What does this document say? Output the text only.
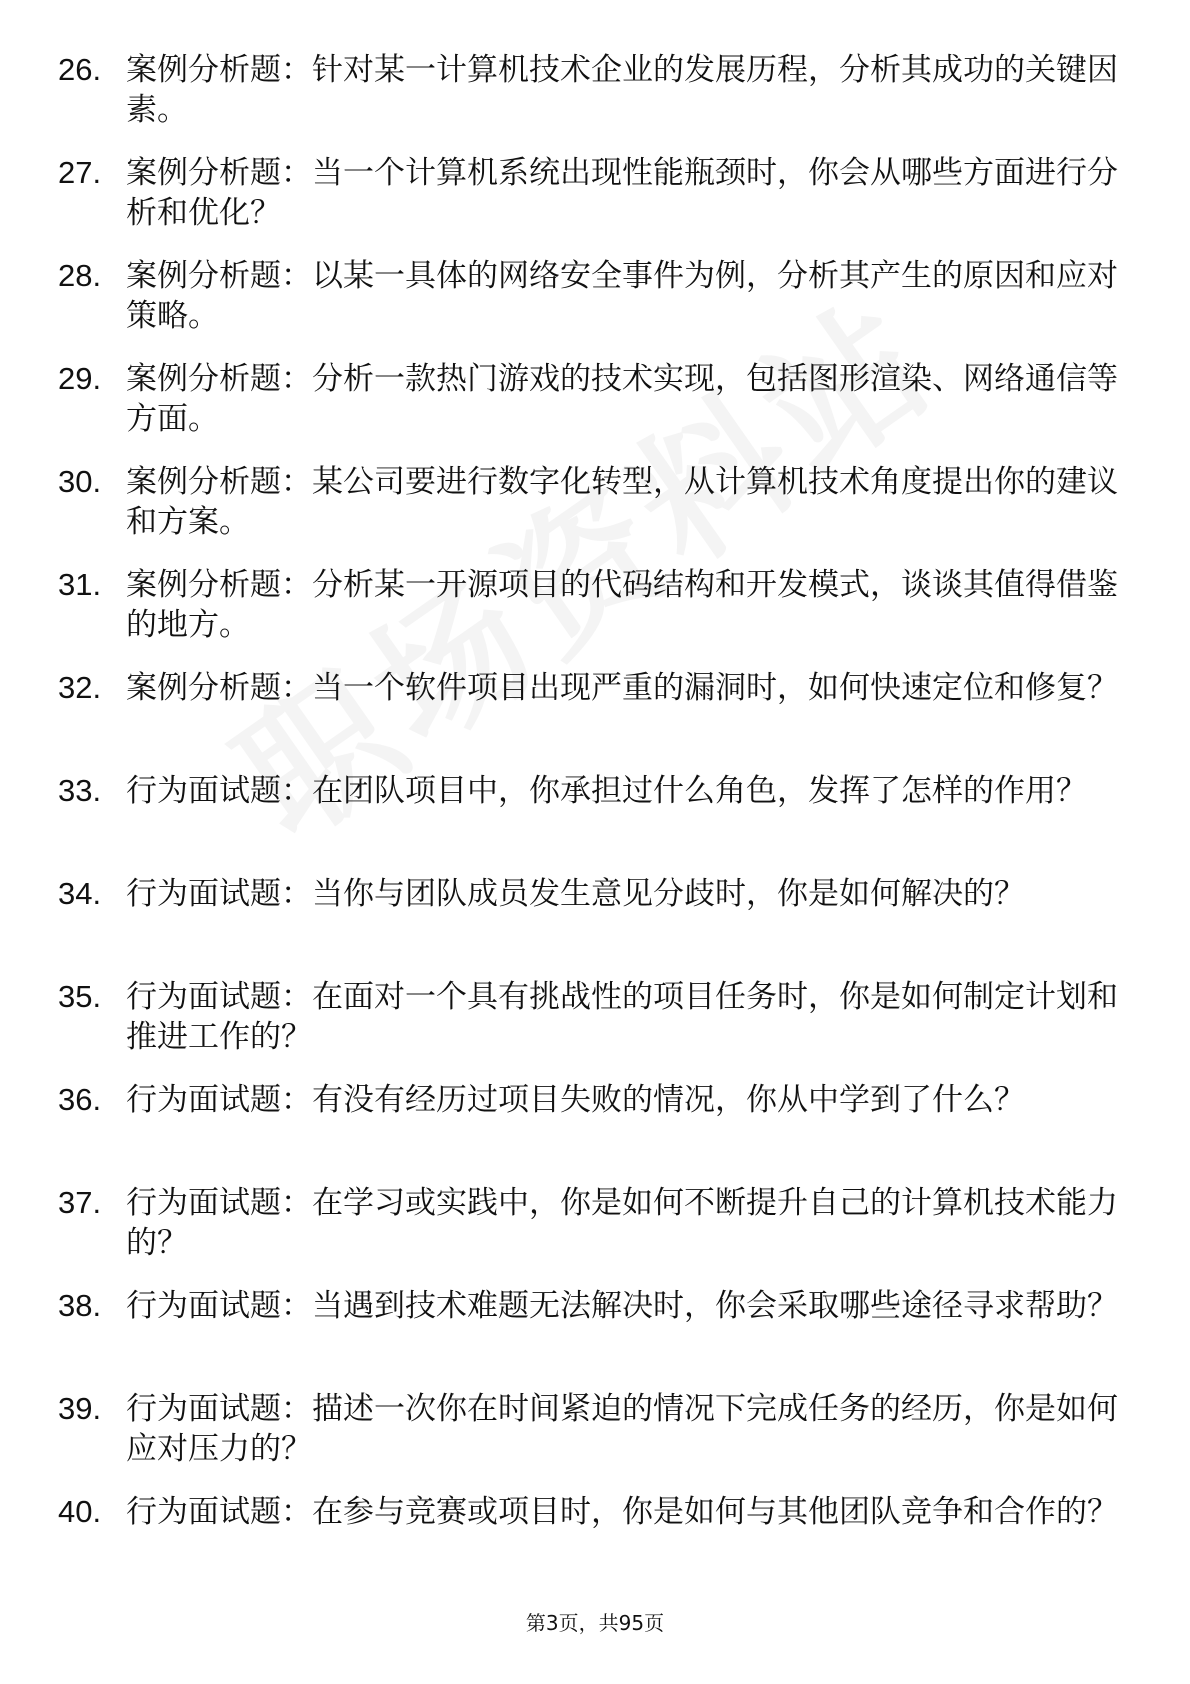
26. 案例分析题：针对某一计算机技术企业的发展历程，分析其成功的关键因素。
27. 案例分析题：当一个计算机系统出现性能瓶颈时，你会从哪些方面进行分析和优化？
28. 案例分析题：以某一具体的网络安全事件为例，分析其产生的原因和应对策略。
29. 案例分析题：分析一款热门游戏的技术实现，包括图形渲染、网络通信等方面。
30. 案例分析题：某公司要进行数字化转型，从计算机技术角度提出你的建议和方案。
31. 案例分析题：分析某一开源项目的代码结构和开发模式，谈谈其值得借鉴的地方。
32. 案例分析题：当一个软件项目出现严重的漏洞时，如何快速定位和修复？
33. 行为面试题：在团队项目中，你承担过什么角色，发挥了怎样的作用？
34. 行为面试题：当你与团队成员发生意见分歧时，你是如何解决的？
35. 行为面试题：在面对一个具有挑战性的项目任务时，你是如何制定计划和推进工作的？
36. 行为面试题：有没有经历过项目失败的情况，你从中学到了什么？
37. 行为面试题：在学习或实践中，你是如何不断提升自己的计算机技术能力的？
38. 行为面试题：当遇到技术难题无法解决时，你会采取哪些途径寻求帮助？
39. 行为面试题：描述一次你在时间紧迫的情况下完成任务的经历，你是如何应对压力的？
40. 行为面试题：在参与竞赛或项目时，你是如何与其他团队竞争和合作的？
第3页，共95页
